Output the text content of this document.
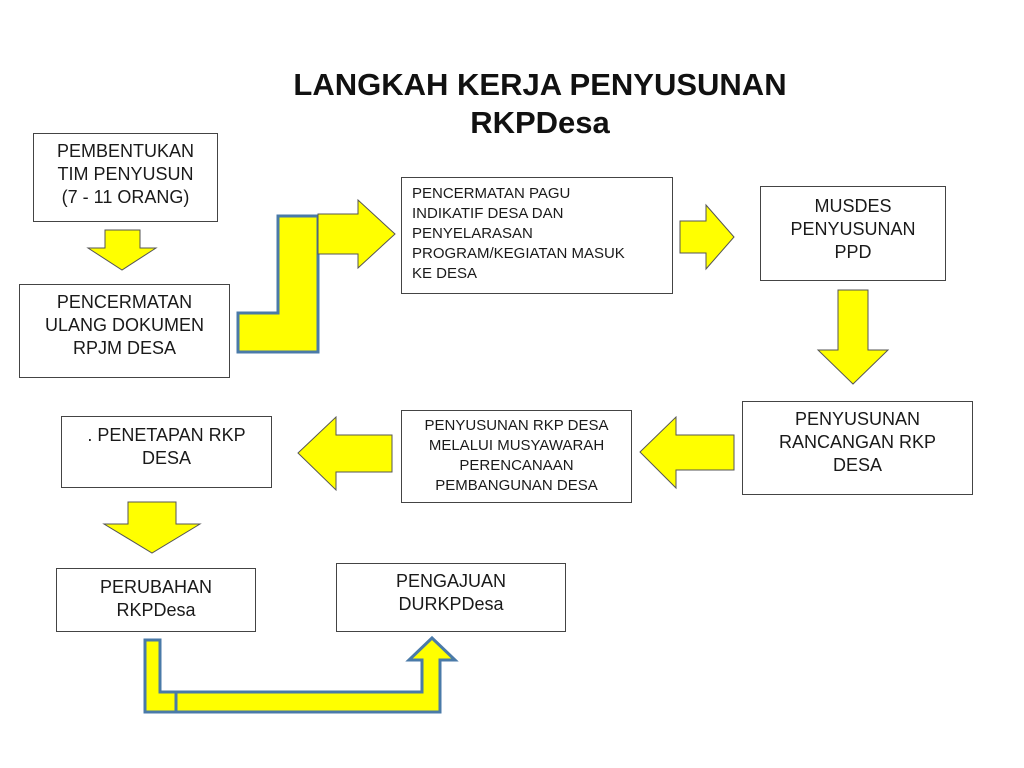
LANGKAH KERJA PENYUSUNAN
RKPDesa
PEMBENTUKAN
TIM PENYUSUN
(7 - 11 ORANG)
PENCERMATAN
ULANG DOKUMEN
RPJM DESA
PENCERMATAN PAGU
INDIKATIF DESA DAN
PENYELARASAN
PROGRAM/KEGIATAN MASUK
KE DESA
MUSDES
PENYUSUNAN
PPD
PENYUSUNAN
RANCANGAN RKP
DESA
PENYUSUNAN RKP DESA
MELALUI MUSYAWARAH
PERENCANAAN
PEMBANGUNAN DESA
. PENETAPAN RKP
DESA
PERUBAHAN
RKPDesa
PENGAJUAN
DURKPDesa
